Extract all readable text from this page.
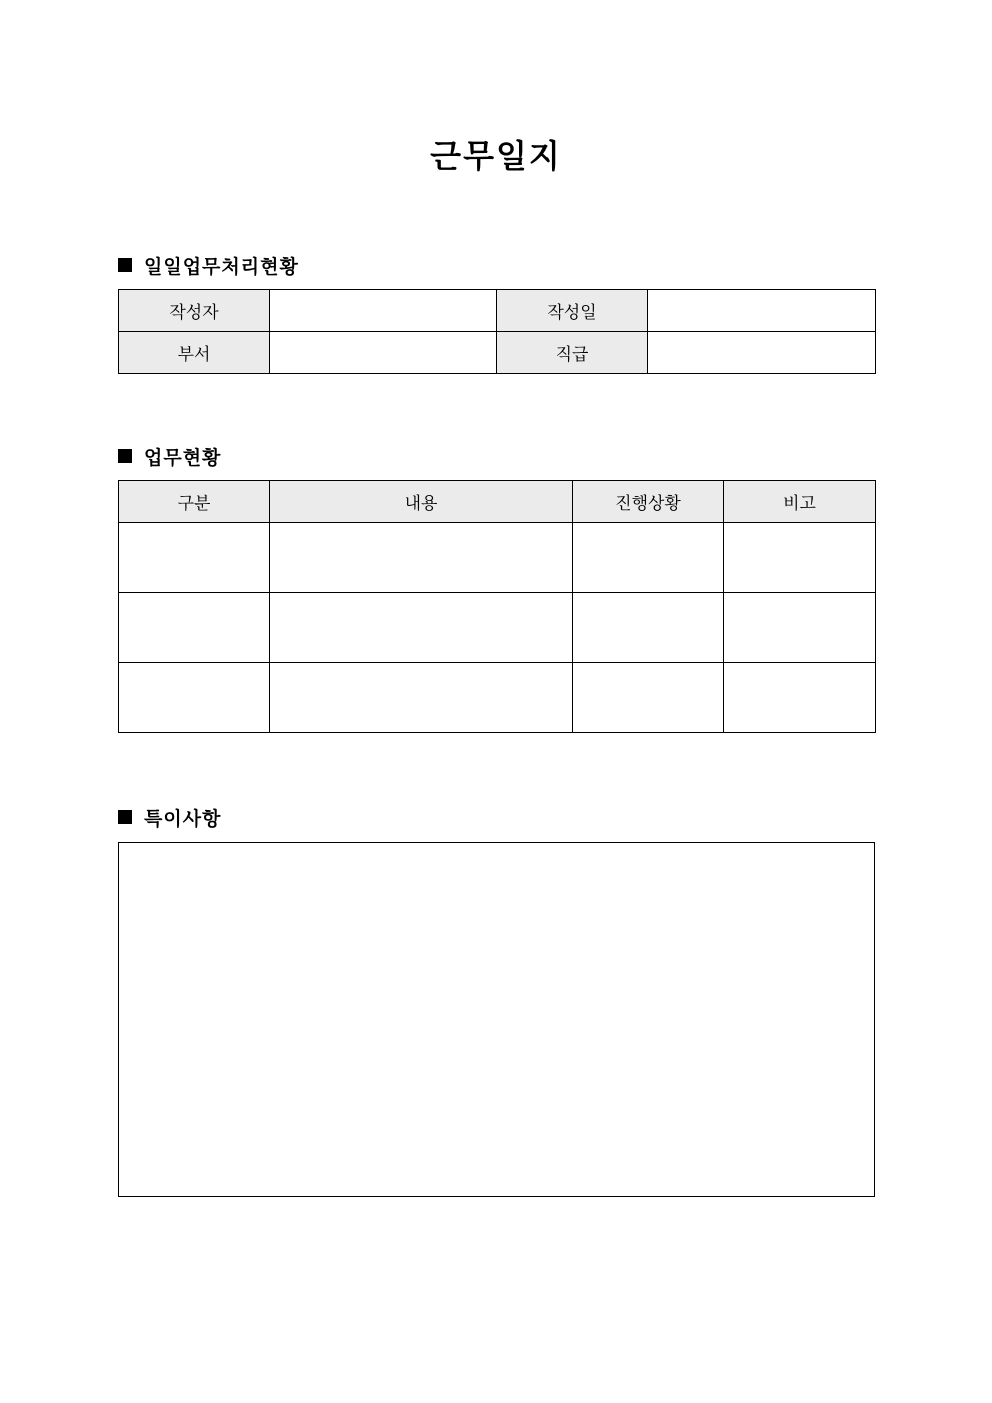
근무일지
일일업무처리현황
작성자		작성일	
부서		직급	
업무현황
구분	내용	진행상황	비고

특이사항
